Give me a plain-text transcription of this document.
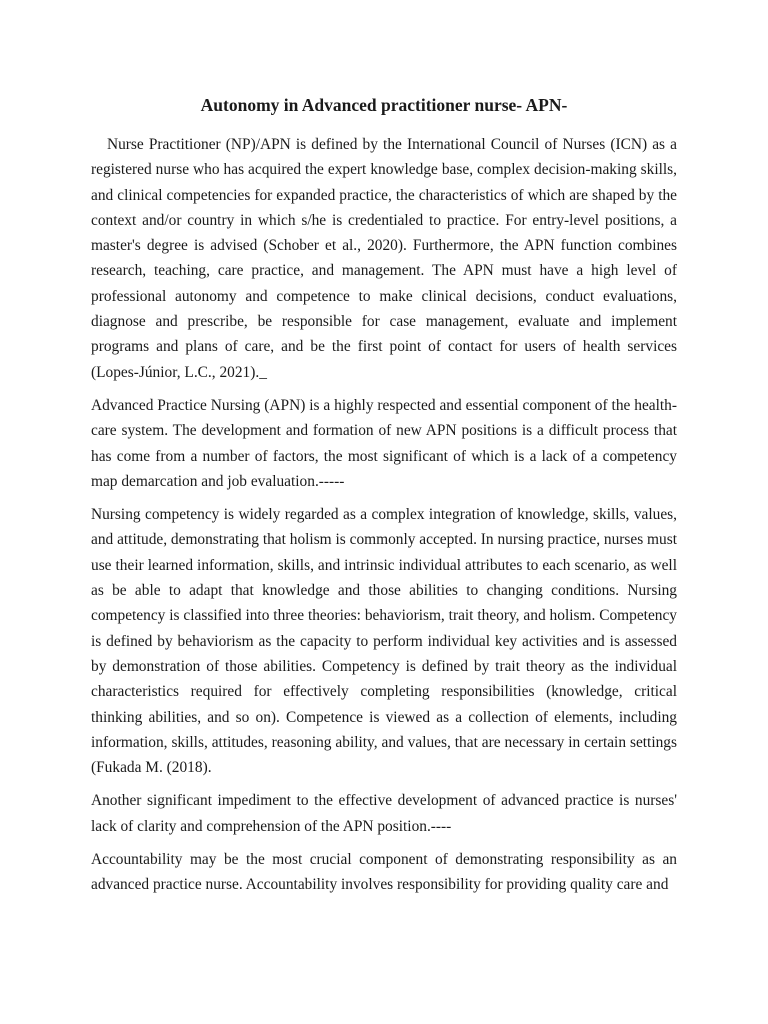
Autonomy in Advanced practitioner nurse- APN-

Nurse Practitioner (NP)/APN is defined by the International Council of Nurses (ICN) as a registered nurse who has acquired the expert knowledge base, complex decision-making skills, and clinical competencies for expanded practice, the characteristics of which are shaped by the context and/or country in which s/he is credentialed to practice. For entry-level positions, a master's degree is advised (Schober et al., 2020). Furthermore, the APN function combines research, teaching, care practice, and management. The APN must have a high level of professional autonomy and competence to make clinical decisions, conduct evaluations, diagnose and prescribe, be responsible for case management, evaluate and implement programs and plans of care, and be the first point of contact for users of health services (Lopes-Júnior, L.C., 2021)._

Advanced Practice Nursing (APN) is a highly respected and essential component of the health-care system. The development and formation of new APN positions is a difficult process that has come from a number of factors, the most significant of which is a lack of a competency map demarcation and job evaluation.-----

Nursing competency is widely regarded as a complex integration of knowledge, skills, values, and attitude, demonstrating that holism is commonly accepted. In nursing practice, nurses must use their learned information, skills, and intrinsic individual attributes to each scenario, as well as be able to adapt that knowledge and those abilities to changing conditions. Nursing competency is classified into three theories: behaviorism, trait theory, and holism. Competency is defined by behaviorism as the capacity to perform individual key activities and is assessed by demonstration of those abilities. Competency is defined by trait theory as the individual characteristics required for effectively completing responsibilities (knowledge, critical thinking abilities, and so on). Competence is viewed as a collection of elements, including information, skills, attitudes, reasoning ability, and values, that are necessary in certain settings (Fukada M. (2018).

Another significant impediment to the effective development of advanced practice is nurses' lack of clarity and comprehension of the APN position.----

Accountability may be the most crucial component of demonstrating responsibility as an advanced practice nurse. Accountability involves responsibility for providing quality care and
